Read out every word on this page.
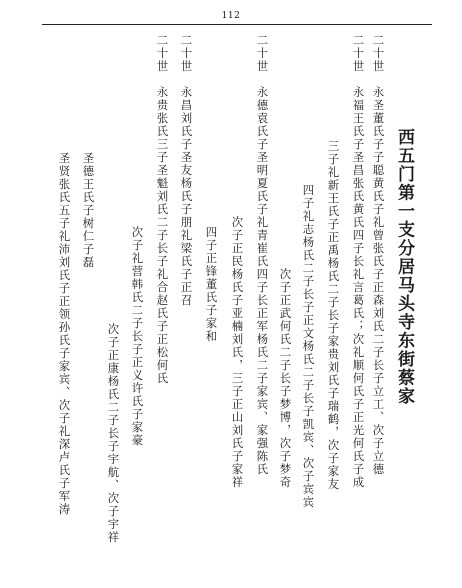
112
西五门第一支分居马头寺东街蔡家
二十世　永圣董氏子子聪黄氏子礼曾张氏子正森刘氏二子长子立工、次子立德
二十世　永福王氏子圣昌张氏黄氏四子长礼言葛氏；次礼顺何氏子正光何氏子成
三子礼新王氏子正禹杨氏二子长子家贵刘氏子瑞鹤，次子家友
四子礼志杨氏二子长子正文杨氏二子长子凯宾、次子宾宾
次子正武何氏二子长子梦博，次子梦奇
二十世　永德袁氏子圣明夏氏子礼青崔氏四子长正军杨氏二子家宾、家强陈氏
次子正民杨氏子亚楠刘氏，三子正山刘氏子家祥
四子正锋董氏子家和
二十世　永昌刘氏子圣友杨氏子朋礼梁氏子正召
二十世　永贵张氏三子圣魁刘氏二子长子礼合赵氏子正松何氏
次子礼营韩氏二子长子正义许氏子家豪
次子正康杨氏二子长子宇航、次子宇祥
圣德王氏子树仁子磊
圣贤张氏五子礼沛刘氏子正领孙氏子家宾、次子礼深卢氏子军涛
